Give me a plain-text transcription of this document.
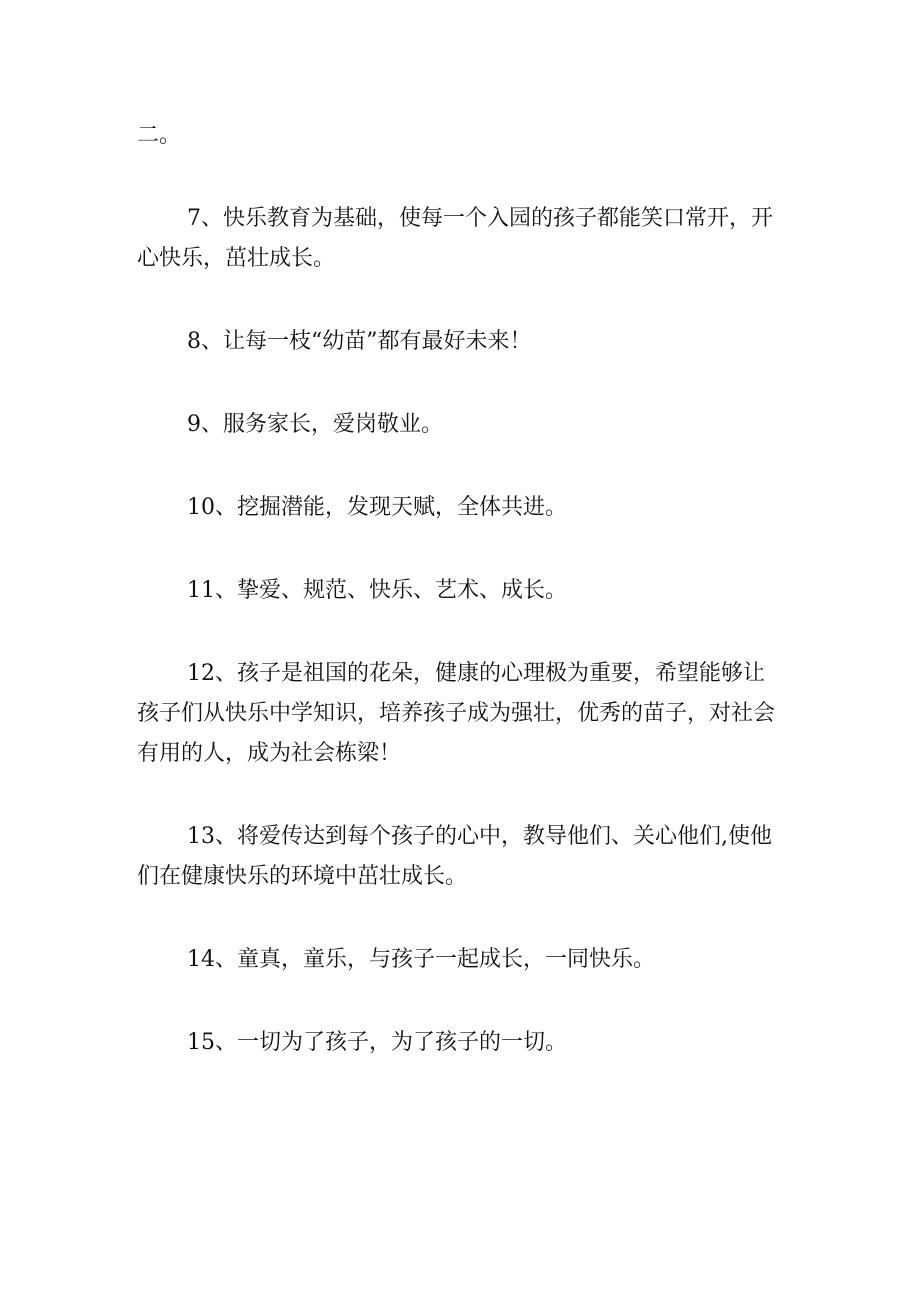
二。

7、快乐教育为基础，使每一个入园的孩子都能笑口常开，开心快乐，茁壮成长。

8、让每一枝“幼苗”都有最好未来！

9、服务家长，爱岗敬业。

10、挖掘潜能，发现天赋，全体共进。

11、挚爱、规范、快乐、艺术、成长。

12、孩子是祖国的花朵，健康的心理极为重要，希望能够让孩子们从快乐中学知识，培养孩子成为强壮，优秀的苗子，对社会有用的人，成为社会栋梁！

13、将爱传达到每个孩子的心中，教导他们、关心他们,使他们在健康快乐的环境中茁壮成长。

14、童真，童乐，与孩子一起成长，一同快乐。

15、一切为了孩子，为了孩子的一切。
